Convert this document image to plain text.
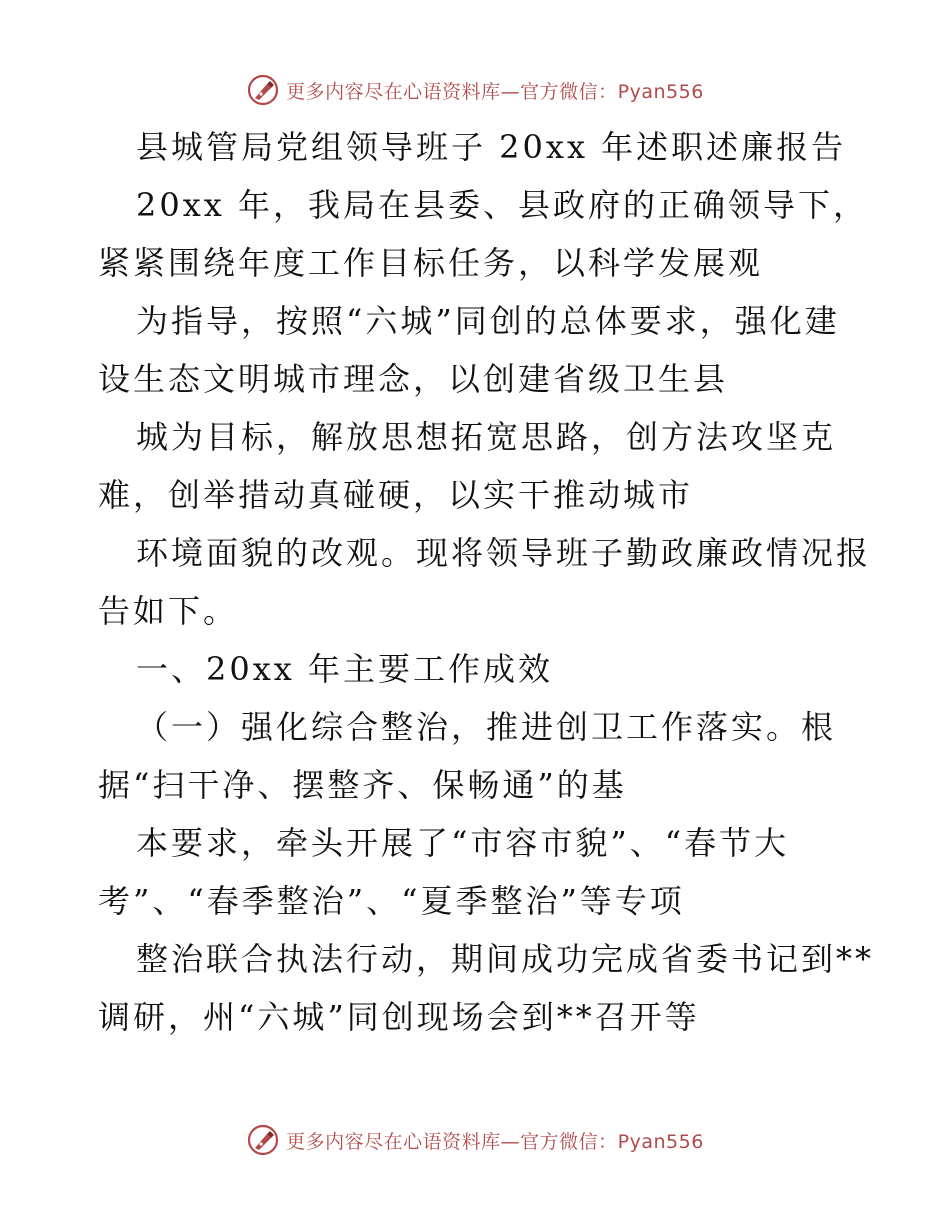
更多内容尽在心语资料库—官方微信：Pyan556
县城管局党组领导班子 20xx 年述职述廉报告
20xx 年，我局在县委、县政府的正确领导下，
紧紧围绕年度工作目标任务，以科学发展观
为指导，按照“六城”同创的总体要求，强化建
设生态文明城市理念，以创建省级卫生县
城为目标，解放思想拓宽思路，创方法攻坚克
难，创举措动真碰硬，以实干推动城市
环境面貌的改观。现将领导班子勤政廉政情况报
告如下。
一、20xx 年主要工作成效
（一）强化综合整治，推进创卫工作落实。根
据“扫干净、摆整齐、保畅通”的基
本要求，牵头开展了“市容市貌”、“春节大
考”、“春季整治”、“夏季整治”等专项
整治联合执法行动，期间成功完成省委书记到**
调研，州“六城”同创现场会到**召开等
更多内容尽在心语资料库—官方微信：Pyan556
